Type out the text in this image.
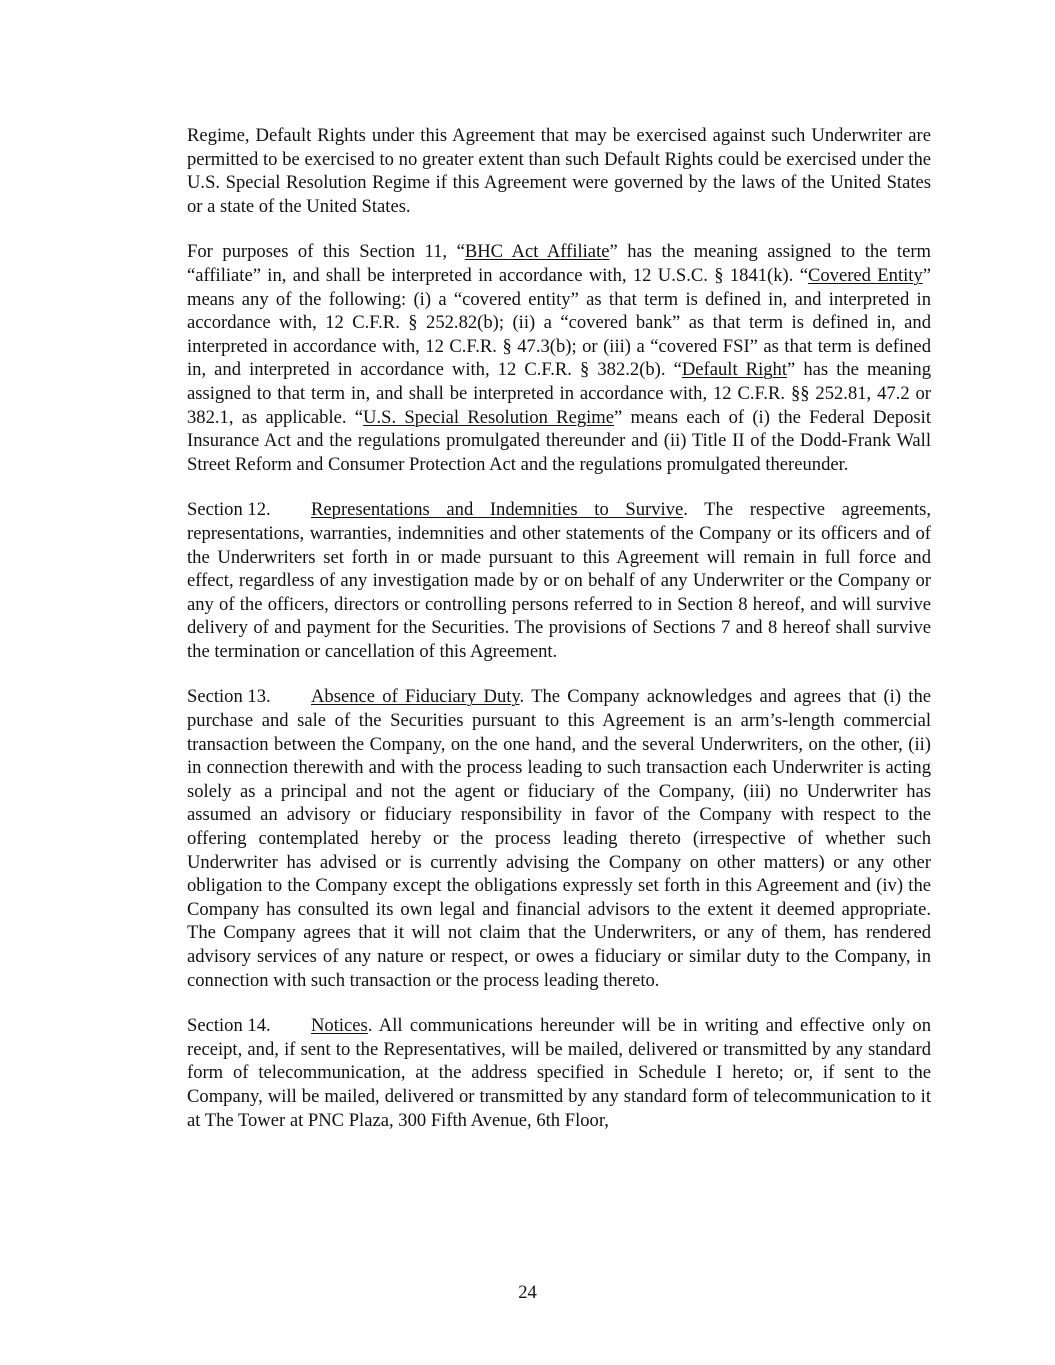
Regime, Default Rights under this Agreement that may be exercised against such Underwriter are permitted to be exercised to no greater extent than such Default Rights could be exercised under the U.S. Special Resolution Regime if this Agreement were governed by the laws of the United States or a state of the United States.

For purposes of this Section 11, “BHC Act Affiliate” has the meaning assigned to the term “affiliate” in, and shall be interpreted in accordance with, 12 U.S.C. § 1841(k). “Covered Entity” means any of the following: (i) a “covered entity” as that term is defined in, and interpreted in accordance with, 12 C.F.R. § 252.82(b); (ii) a “covered bank” as that term is defined in, and interpreted in accordance with, 12 C.F.R. § 47.3(b); or (iii) a “covered FSI” as that term is defined in, and interpreted in accordance with, 12 C.F.R. § 382.2(b). “Default Right” has the meaning assigned to that term in, and shall be interpreted in accordance with, 12 C.F.R. §§ 252.81, 47.2 or 382.1, as applicable. “U.S. Special Resolution Regime” means each of (i) the Federal Deposit Insurance Act and the regulations promulgated thereunder and (ii) Title II of the Dodd-Frank Wall Street Reform and Consumer Protection Act and the regulations promulgated thereunder.

Section 12. Representations and Indemnities to Survive. The respective agreements, representations, warranties, indemnities and other statements of the Company or its officers and of the Underwriters set forth in or made pursuant to this Agreement will remain in full force and effect, regardless of any investigation made by or on behalf of any Underwriter or the Company or any of the officers, directors or controlling persons referred to in Section 8 hereof, and will survive delivery of and payment for the Securities. The provisions of Sections 7 and 8 hereof shall survive the termination or cancellation of this Agreement.

Section 13. Absence of Fiduciary Duty. The Company acknowledges and agrees that (i) the purchase and sale of the Securities pursuant to this Agreement is an arm’s-length commercial transaction between the Company, on the one hand, and the several Underwriters, on the other, (ii) in connection therewith and with the process leading to such transaction each Underwriter is acting solely as a principal and not the agent or fiduciary of the Company, (iii) no Underwriter has assumed an advisory or fiduciary responsibility in favor of the Company with respect to the offering contemplated hereby or the process leading thereto (irrespective of whether such Underwriter has advised or is currently advising the Company on other matters) or any other obligation to the Company except the obligations expressly set forth in this Agreement and (iv) the Company has consulted its own legal and financial advisors to the extent it deemed appropriate. The Company agrees that it will not claim that the Underwriters, or any of them, has rendered advisory services of any nature or respect, or owes a fiduciary or similar duty to the Company, in connection with such transaction or the process leading thereto.

Section 14. Notices. All communications hereunder will be in writing and effective only on receipt, and, if sent to the Representatives, will be mailed, delivered or transmitted by any standard form of telecommunication, at the address specified in Schedule I hereto; or, if sent to the Company, will be mailed, delivered or transmitted by any standard form of telecommunication to it at The Tower at PNC Plaza, 300 Fifth Avenue, 6th Floor,

24
